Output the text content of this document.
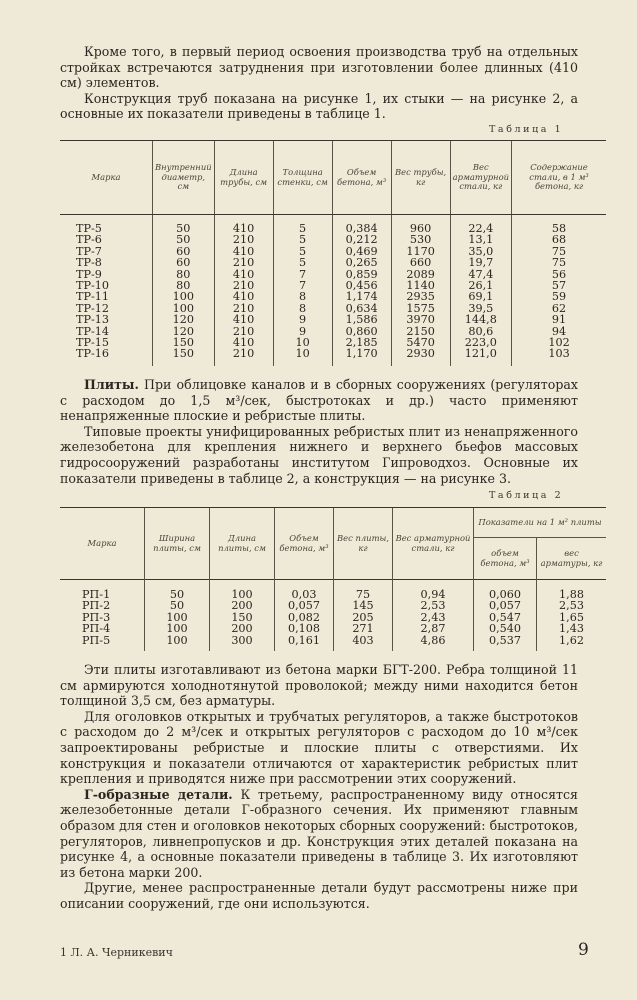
Кроме того, в первый период освоения производства труб на отдельных стройках встречаются затруднения при изготовлении более длинных (410 см) элементов.

Конструкция труб показана на рисунке 1, их стыки — на рисунке 2, а основные их показатели приведены в таблице 1.

Таблица 1
Марка	Внутренний диаметр, см	Длина трубы, см	Толщина стенки, см	Объем бетона, м³	Вес трубы, кг	Вес арматурной стали, кг	Содержание стали, в 1 м³ бетона, кг
ТР-5	50	410	5	0,384	960	22,4	58
ТР-6	50	210	5	0,212	530	13,1	68
ТР-7	60	410	5	0,469	1170	35,0	75
ТР-8	60	210	5	0,265	660	19,7	75
ТР-9	80	410	7	0,859	2089	47,4	56
ТР-10	80	210	7	0,456	1140	26,1	57
ТР-11	100	410	8	1,174	2935	69,1	59
ТР-12	100	210	8	0,634	1575	39,5	62
ТР-13	120	410	9	1,586	3970	144,8	91
ТР-14	120	210	9	0,860	2150	80,6	94
ТР-15	150	410	10	2,185	5470	223,0	102
ТР-16	150	210	10	1,170	2930	121,0	103

Плиты. При облицовке каналов и в сборных сооружениях (регуляторах с расходом до 1,5 м³/сек, быстротоках и др.) часто применяют ненапряженные плоские и ребристые плиты.

Типовые проекты унифицированных ребристых плит из ненапряженного железобетона для крепления нижнего и верхнего бьефов массовых гидросооружений разработаны институтом Гипроводхоз. Основные их показатели приведены в таблице 2, а конструкция — на рисунке 3.

Таблица 2
Марка	Ширина плиты, см	Длина плиты, см	Объем бетона, м³	Вес плиты, кг	Вес арматурной стали, кг	Показатели на 1 м² плиты	
						объем бетона, м³	вес арматуры, кг
РП-1	50	100	0,03	75	0,94	0,060	1,88
РП-2	50	200	0,057	145	2,53	0,057	2,53
РП-3	100	150	0,082	205	2,43	0,547	1,65
РП-4	100	200	0,108	271	2,87	0,540	1,43
РП-5	100	300	0,161	403	4,86	0,537	1,62

Эти плиты изготавливают из бетона марки БГТ-200. Ребра толщиной 11 см армируются холоднотянутой проволокой; между ними находится бетон толщиной 3,5 см, без арматуры.

Для оголовков открытых и трубчатых регуляторов, а также быстротоков с расходом до 2 м³/сек и открытых регуляторов с расходом до 10 м³/сек запроектированы ребристые и плоские плиты с отверстиями. Их конструкция и показатели отличаются от характеристик ребристых плит крепления и приводятся ниже при рассмотрении этих сооружений.

Г-образные детали. К третьему, распространенному виду относятся железобетонные детали Г-образного сечения. Их применяют главным образом для стен и оголовков некоторых сборных сооружений: быстротоков, регуляторов, ливнепропусков и др. Конструкция этих деталей показана на рисунке 4, а основные показатели приведены в таблице 3. Их изготовляют из бетона марки 200.

Другие, менее распространенные детали будут рассмотрены ниже при описании сооружений, где они используются.

1 Л. А. Черникевич	9
